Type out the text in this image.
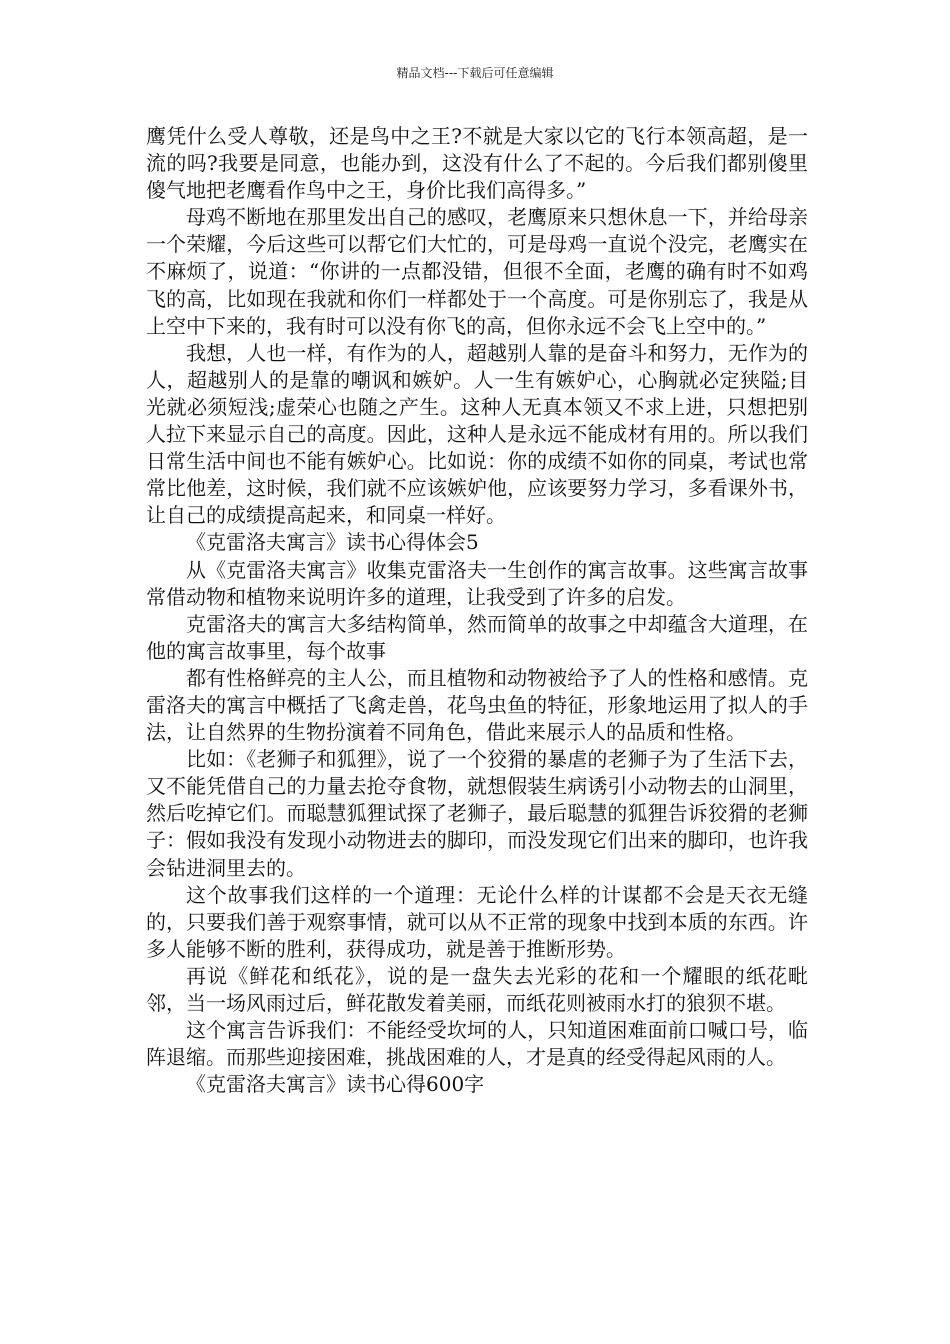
精品文档---下载后可任意编辑

鹰凭什么受人尊敬，还是鸟中之王?不就是大家以它的飞行本领高超，是一流的吗?我要是同意，也能办到，这没有什么了不起的。今后我们都别傻里傻气地把老鹰看作鸟中之王，身价比我们高得多。”

母鸡不断地在那里发出自己的感叹，老鹰原来只想休息一下，并给母亲一个荣耀，今后这些可以帮它们大忙的，可是母鸡一直说个没完，老鹰实在不麻烦了，说道：“你讲的一点都没错，但很不全面，老鹰的确有时不如鸡飞的高，比如现在我就和你们一样都处于一个高度。可是你别忘了，我是从上空中下来的，我有时可以没有你飞的高，但你永远不会飞上空中的。”

我想，人也一样，有作为的人，超越别人靠的是奋斗和努力，无作为的人，超越别人的是靠的嘲讽和嫉妒。人一生有嫉妒心，心胸就必定狭隘;目光就必须短浅;虚荣心也随之产生。这种人无真本领又不求上进，只想把别人拉下来显示自己的高度。因此，这种人是永远不能成材有用的。所以我们日常生活中间也不能有嫉妒心。比如说：你的成绩不如你的同桌，考试也常常比他差，这时候，我们就不应该嫉妒他，应该要努力学习，多看课外书，让自己的成绩提高起来，和同桌一样好。

《克雷洛夫寓言》读书心得体会5

从《克雷洛夫寓言》收集克雷洛夫一生创作的寓言故事。这些寓言故事常借动物和植物来说明许多的道理，让我受到了许多的启发。

克雷洛夫的寓言大多结构简单，然而简单的故事之中却蕴含大道理，在他的寓言故事里，每个故事

都有性格鲜亮的主人公，而且植物和动物被给予了人的性格和感情。克雷洛夫的寓言中概括了飞禽走兽，花鸟虫鱼的特征，形象地运用了拟人的手法，让自然界的生物扮演着不同角色，借此来展示人的品质和性格。

比如：《老狮子和狐狸》，说了一个狡猾的暴虐的老狮子为了生活下去，又不能凭借自己的力量去抢夺食物，就想假装生病诱引小动物去的山洞里，然后吃掉它们。而聪慧狐狸试探了老狮子，最后聪慧的狐狸告诉狡猾的老狮子：假如我没有发现小动物进去的脚印，而没发现它们出来的脚印，也许我会钻进洞里去的。

这个故事我们这样的一个道理：无论什么样的计谋都不会是天衣无缝的，只要我们善于观察事情，就可以从不正常的现象中找到本质的东西。许多人能够不断的胜利，获得成功，就是善于推断形势。

再说《鲜花和纸花》，说的是一盘失去光彩的花和一个耀眼的纸花毗邻，当一场风雨过后，鲜花散发着美丽，而纸花则被雨水打的狼狈不堪。

这个寓言告诉我们：不能经受坎坷的人，只知道困难面前口喊口号，临阵退缩。而那些迎接困难，挑战困难的人，才是真的经受得起风雨的人。

《克雷洛夫寓言》读书心得600字
